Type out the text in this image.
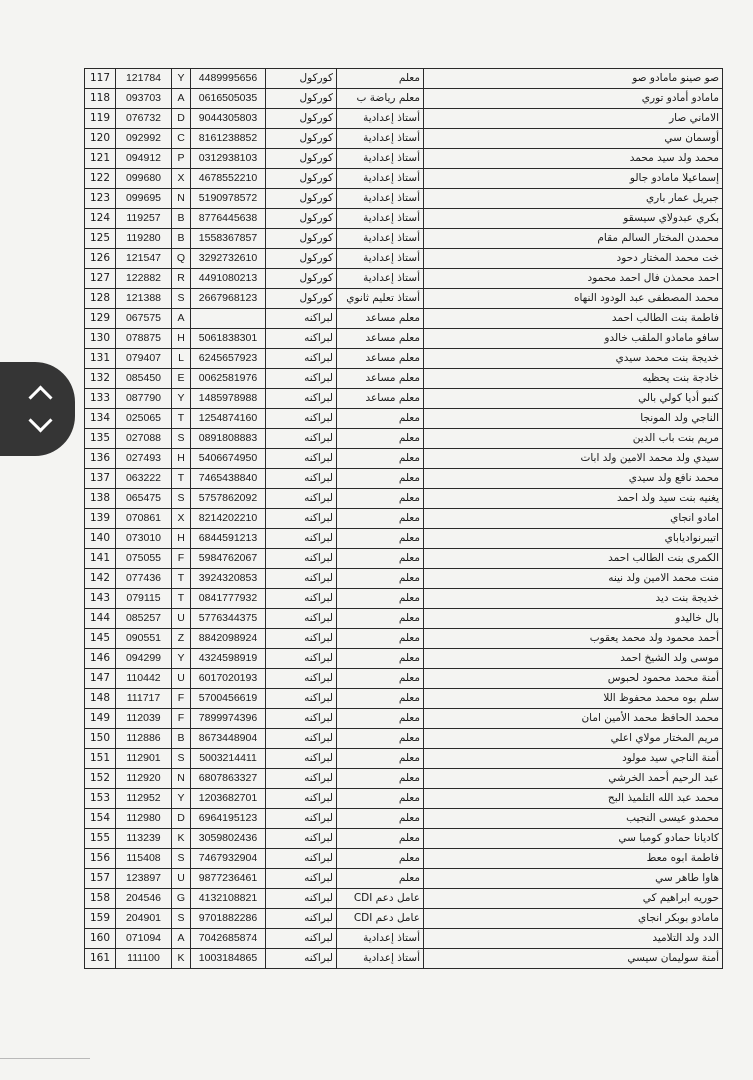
117	121784	Y	4489995656	كوركول	معلم	صو صينو مامادو صو
118	093703	A	0616505035	كوركول	معلم رياضة ب	مامادو أمادو توري
119	076732	D	9044305803	كوركول	أستاذ إعدادية	الاماني صار
120	092992	C	8161238852	كوركول	أستاذ إعدادية	أوسمان سي
121	094912	P	0312938103	كوركول	أستاذ إعدادية	محمد ولد سيد محمد
122	099680	X	4678552210	كوركول	أستاذ إعدادية	إسماعيلا مامادو جالو
123	099695	N	5190978572	كوركول	أستاذ إعدادية	جبريل عمار باري
124	119257	B	8776445638	كوركول	أستاذ إعدادية	بكري عبدولاي سيسقو
125	119280	B	1558367857	كوركول	أستاذ إعدادية	محمدن المختار السالم مقام
126	121547	Q	3292732610	كوركول	أستاذ إعدادية	خت محمد المختار دحود
127	122882	R	4491080213	كوركول	أستاذ إعدادية	احمد محمذن فال احمد محمود
128	121388	S	2667968123	كوركول	أستاذ تعليم ثانوي	محمد المصطفى عبد الودود النهاه
129	067575	A		لبراكنه	معلم مساعد	فاطمة بنت الطالب احمد
130	078875	H	5061838301	لبراكنه	معلم مساعد	سافو مامادو الملقب خالدو
131	079407	L	6245657923	لبراكنه	معلم مساعد	خديجة بنت محمد سيدي
132	085450	E	0062581976	لبراكنه	معلم مساعد	خادجة بنت يحظيه
133	087790	Y	1485978988	لبراكنه	معلم مساعد	كنبو أديا كولي بالي
134	025065	T	1254874160	لبراكنه	معلم	الناجي ولد المونجا
135	027088	S	0891808883	لبراكنه	معلم	مريم بنت باب الدين
136	027493	H	5406674950	لبراكنه	معلم	سيدي ولد محمد الامين ولد ابات
137	063222	T	7465438840	لبراكنه	معلم	محمد نافع ولد سيدي
138	065475	S	5757862092	لبراكنه	معلم	يغنيه بنت سيد ولد احمد
139	070861	X	8214202210	لبراكنه	معلم	امادو انجاي
140	073010	H	6844591213	لبراكنه	معلم	اتيبرنوادياباي
141	075055	F	5984762067	لبراكنه	معلم	الكمرى بنت الطالب احمد
142	077436	T	3924320853	لبراكنه	معلم	منت محمد الامين ولد نينه
143	079115	T	0841777932	لبراكنه	معلم	خديجة بنت ديد
144	085257	U	5776344375	لبراكنه	معلم	بال خاليدو
145	090551	Z	8842098924	لبراكنه	معلم	أحمد محمود ولد محمد يعقوب
146	094299	Y	4324598919	لبراكنه	معلم	موسى ولد الشيخ احمد
147	110442	U	6017020193	لبراكنه	معلم	أمنة محمد محمود لحبوس
148	111717	F	5700456619	لبراكنه	معلم	سلم بوه محمد محفوظ اللا
149	112039	F	7899974396	لبراكنه	معلم	محمد الحافظ محمد الأمين امان
150	112886	B	8673448904	لبراكنه	معلم	مريم المختار مولاي اعلي
151	112901	S	5003214411	لبراكنه	معلم	أمنة الناجي سيد مولود
152	112920	N	6807863327	لبراكنه	معلم	عبد الرحيم أحمد الخرشي
153	112952	Y	1203682701	لبراكنه	معلم	محمد عبد الله التلميذ البح
154	112980	D	6964195123	لبراكنه	معلم	محمدو عيسى النجيب
155	113239	K	3059802436	لبراكنه	معلم	كاديانا حمادو كومبا سي
156	115408	S	7467932904	لبراكنه	معلم	فاطمة ابوه معط
157	123897	U	9877236461	لبراكنه	معلم	هاوا طاهر سي
158	204546	G	4132108821	لبراكنه	عامل دعم CDI	حوريه ابراهيم كي
159	204901	S	9701882286	لبراكنه	عامل دعم CDI	مامادو بوبكر انجاي
160	071094	A	7042685874	لبراكنه	أستاذ إعدادية	الدد ولد التلاميد
161	111100	K	1003184865	لبراكنه	أستاذ إعدادية	أمنة سوليمان سيسي
